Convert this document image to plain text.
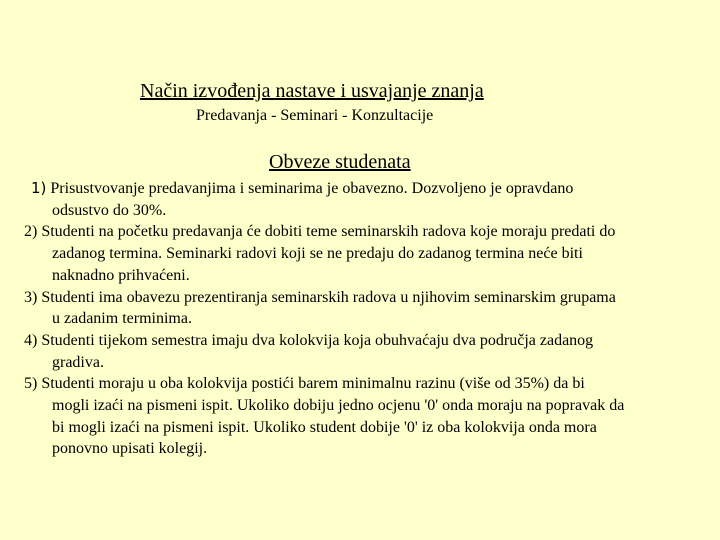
Način izvođenja nastave i usvajanje znanja
Predavanja - Seminari - Konzultacije
Obveze studenata
1) Prisustvovanje predavanjima i seminarima je obavezno. Dozvoljeno je opravdano
odsustvo do 30%.
2) Studenti na početku predavanja će dobiti teme seminarskih radova koje moraju predati do
zadanog termina. Seminarki radovi koji se ne predaju do zadanog termina neće biti
naknadno prihvaćeni.
3) Studenti ima obavezu prezentiranja seminarskih radova u njihovim seminarskim grupama
u zadanim terminima.
4) Studenti tijekom semestra imaju dva kolokvija koja obuhvaćaju dva područja zadanog
gradiva.
5) Studenti moraju u oba kolokvija postići barem minimalnu razinu (više od 35%) da bi
mogli izaći na pismeni ispit. Ukoliko dobiju jedno ocjenu '0' onda moraju na popravak da
bi mogli izaći na pismeni ispit. Ukoliko student dobije '0' iz oba kolokvija onda mora
ponovno upisati kolegij.
